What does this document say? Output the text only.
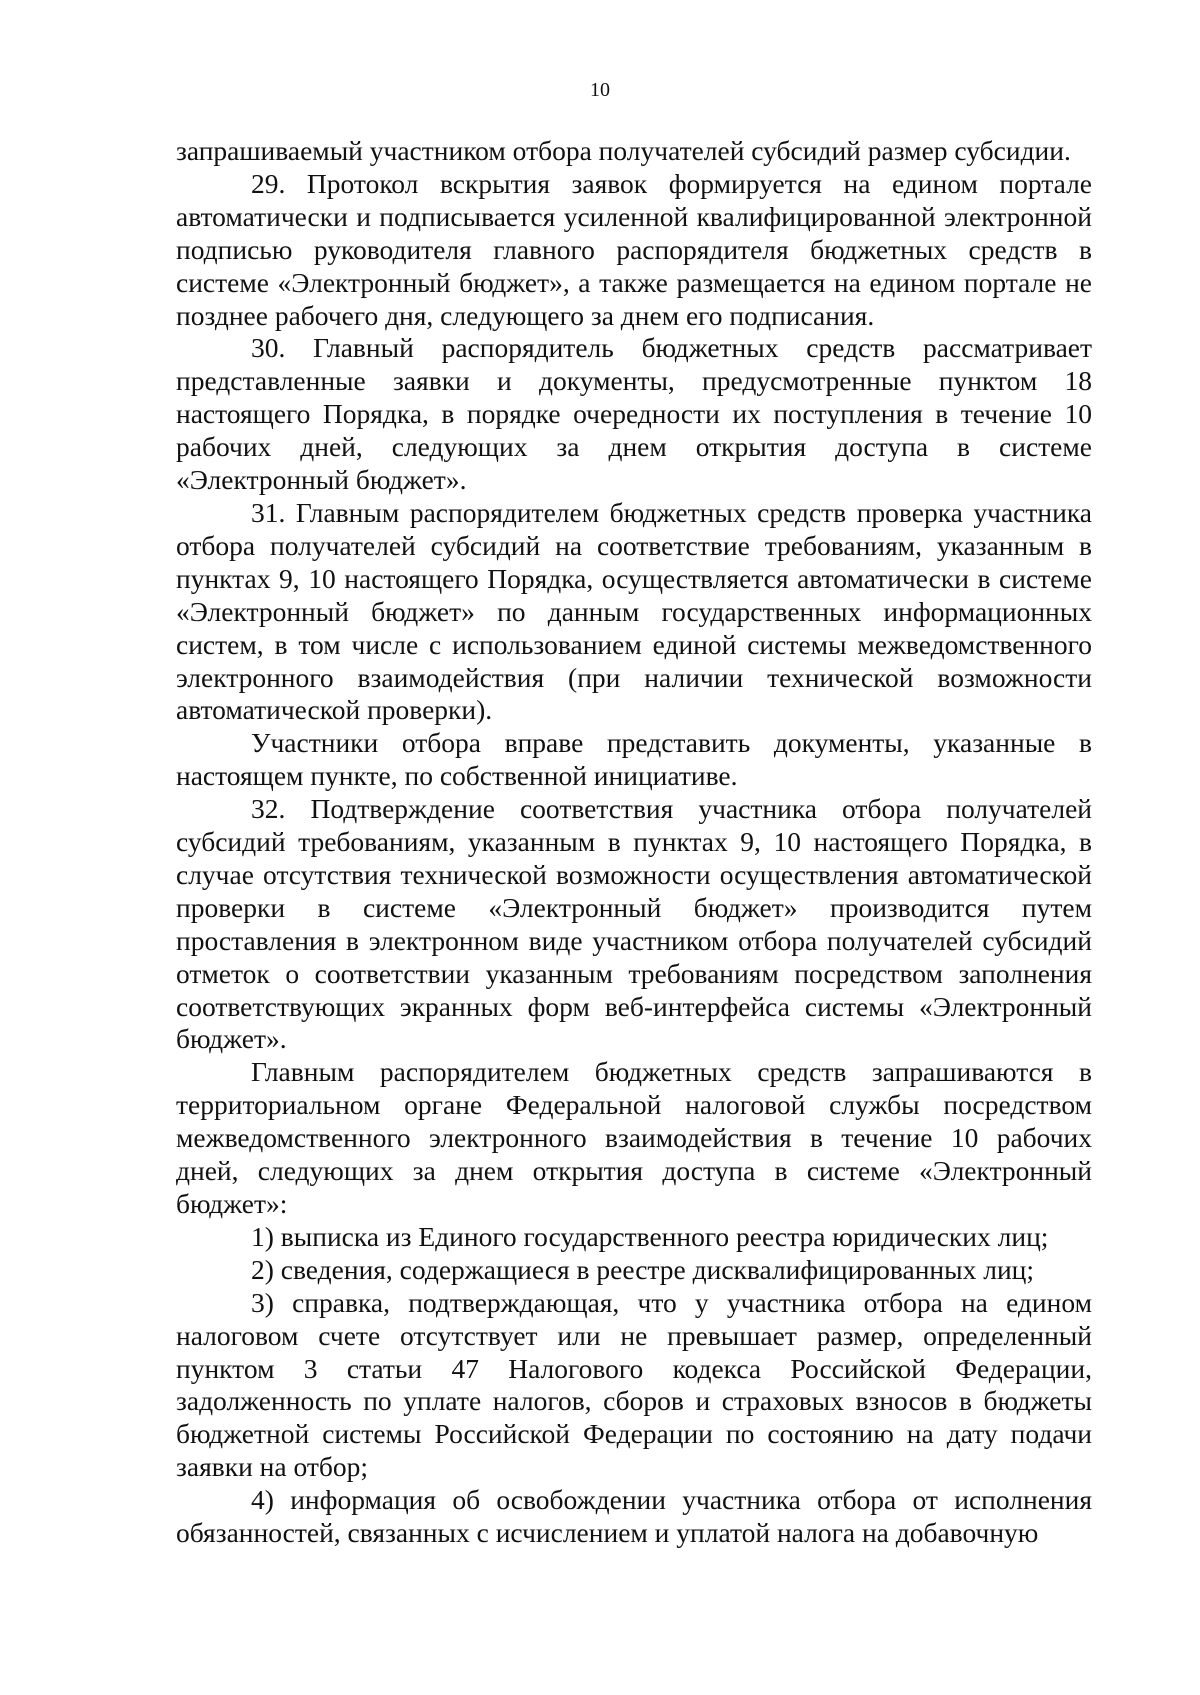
10

запрашиваемый участником отбора получателей субсидий размер субсидии.

29. Протокол вскрытия заявок формируется на едином портале автоматически и подписывается усиленной квалифицированной электронной подписью руководителя главного распорядителя бюджетных средств в системе «Электронный бюджет», а также размещается на едином портале не позднее рабочего дня, следующего за днем его подписания.

30. Главный распорядитель бюджетных средств рассматривает представленные заявки и документы, предусмотренные пунктом 18 настоящего Порядка, в порядке очередности их поступления в течение 10 рабочих дней, следующих за днем открытия доступа в системе «Электронный бюджет».

31. Главным распорядителем бюджетных средств проверка участника отбора получателей субсидий на соответствие требованиям, указанным в пунктах 9, 10 настоящего Порядка, осуществляется автоматически в системе «Электронный бюджет» по данным государственных информационных систем, в том числе с использованием единой системы межведомственного электронного взаимодействия (при наличии технической возможности автоматической проверки).

Участники отбора вправе представить документы, указанные в настоящем пункте, по собственной инициативе.

32. Подтверждение соответствия участника отбора получателей субсидий требованиям, указанным в пунктах 9, 10 настоящего Порядка, в случае отсутствия технической возможности осуществления автоматической проверки в системе «Электронный бюджет» производится путем проставления в электронном виде участником отбора получателей субсидий отметок о соответствии указанным требованиям посредством заполнения соответствующих экранных форм веб-интерфейса системы «Электронный бюджет».

Главным распорядителем бюджетных средств запрашиваются в территориальном органе Федеральной налоговой службы посредством межведомственного электронного взаимодействия в течение 10 рабочих дней, следующих за днем открытия доступа в системе «Электронный бюджет»:

1) выписка из Единого государственного реестра юридических лиц;

2) сведения, содержащиеся в реестре дисквалифицированных лиц;

3) справка, подтверждающая, что у участника отбора на едином налоговом счете отсутствует или не превышает размер, определенный пунктом 3 статьи 47 Налогового кодекса Российской Федерации, задолженность по уплате налогов, сборов и страховых взносов в бюджеты бюджетной системы Российской Федерации по состоянию на дату подачи заявки на отбор;

4) информация об освобождении участника отбора от исполнения обязанностей, связанных с исчислением и уплатой налога на добавочную
